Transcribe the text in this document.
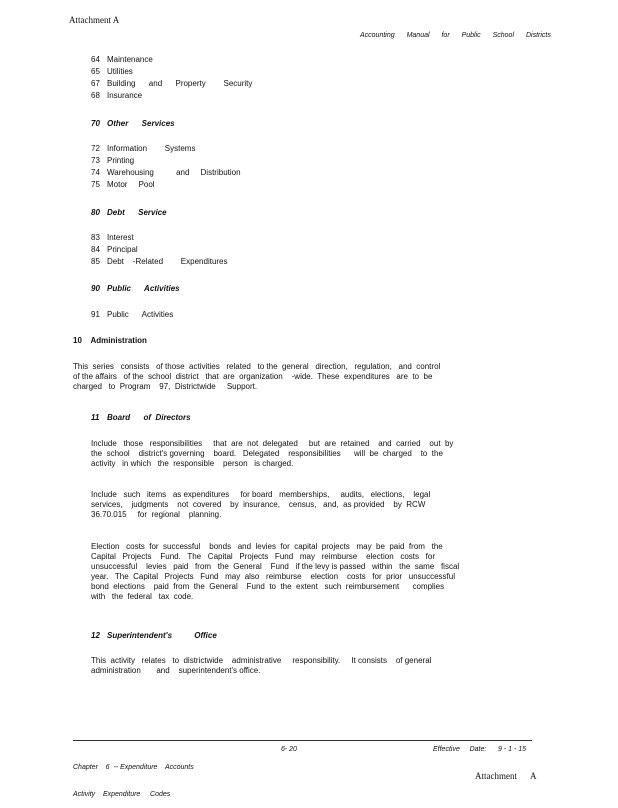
Attachment A
Accounting Manual for Public School Districts
64 Maintenance
65 Utilities
67 Building      and      Property        Security
68 Insurance
70 Other      Services
72 Information        Systems
73 Printing
74 Warehousing          and     Distribution
75 Motor     Pool
80 Debt      Service
83 Interest
84 Principal
85 Debt    -Related        Expenditures
90 Public      Activities
91 Public      Activities
10    Administration

This  series   consists   of those  activities   related   to the  general   direction,   regulation,   and  control

of the affairs   of the  school  district   that  are  organization    -wide.  These  expenditures   are  to  be

charged   to  Program    97,  Districtwide     Support.

11 Board      of  Directors

Include   those   responsibilities     that  are  not  delegated     but  are  retained    and  carried    out  by

the  school    district's governing    board.   Delegated    responsibilities      will  be  charged    to  the

activity   in which   the  responsible    person   is charged.

Include   such   items   as expenditures     for board   memberships,     audits,   elections,    legal

services,    judgments    not  covered    by  insurance,    census,   and,  as provided    by  RCW

36.70.015     for  regional    planning.

Election   costs  for  successful    bonds   and  levies  for  capital  projects   may  be  paid  from   the

Capital   Projects    Fund.   The   Capital   Projects   Fund   may   reimburse    election   costs   for

unsuccessful    levies   paid   from   the  General    Fund   if the levy is passed   within   the  same   fiscal

year.   The  Capital   Projects   Fund   may  also   reimburse    election    costs   for  prior   unsuccessful

bond  elections    paid  from  the  General    Fund  to  the  extent   such  reimbursement      complies

with   the  federal   tax  code.

12 Superintendent's          Office

This  activity   relates   to  districtwide    administrative     responsibility.     It consists    of general

administration       and    superintendent's office.

Chapter    6  -- Expenditure    Accounts

Activity    Expenditure     Codes

6- 20	Effective     Date:      9 - 1 - 15
Attachment      A
